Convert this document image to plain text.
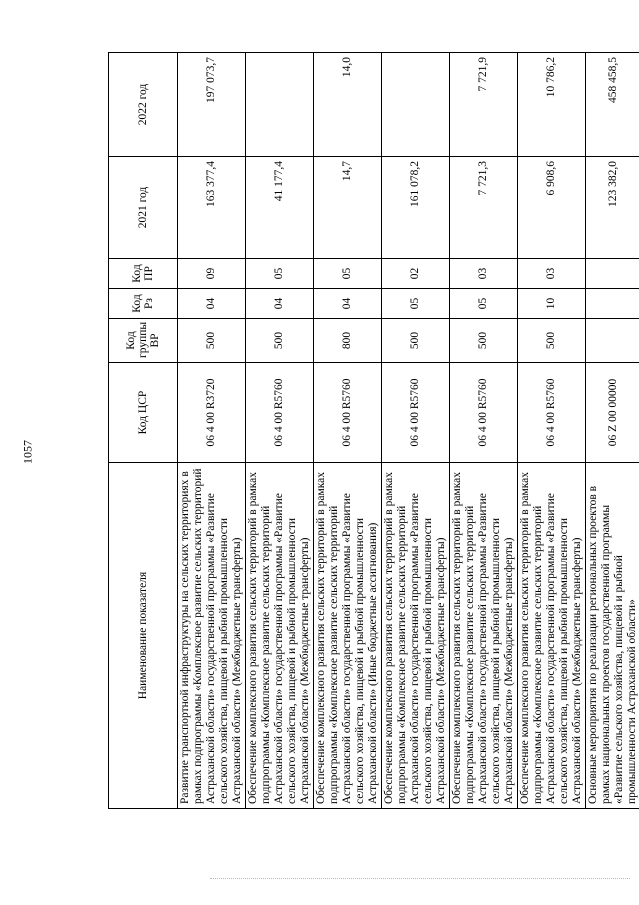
1057
Наименование показателя	Код ЦСР	Код группы ВР	Код Рз	Код ПР	2021 год	2022 год
Развитие транспортной инфраструктуры на сельских территориях в рамках подпрограммы «Комплексное развитие сельских территорий Астраханской области» государственной программы «Развитие сельского хозяйства, пищевой и рыбной промышленности Астраханской области» (Межбюджетные трансферты)	06 4 00 R3720	500	04	09	163 377,4	197 073,7
Обеспечение комплексного развития сельских территорий в рамках подпрограммы «Комплексное развитие сельских территорий Астраханской области» государственной программы «Развитие сельского хозяйства, пищевой и рыбной промышленности Астраханской области» (Межбюджетные трансферты)	06 4 00 R5760	500	04	05	41 177,4	
Обеспечение комплексного развития сельских территорий в рамках подпрограммы «Комплексное развитие сельских территорий Астраханской области» государственной программы «Развитие сельского хозяйства, пищевой и рыбной промышленности Астраханской области» (Иные бюджетные ассигнования)	06 4 00 R5760	800	04	05	14,7	14,0
Обеспечение комплексного развития сельских территорий в рамках подпрограммы «Комплексное развитие сельских территорий Астраханской области» государственной программы «Развитие сельского хозяйства, пищевой и рыбной промышленности Астраханской области» (Межбюджетные трансферты)	06 4 00 R5760	500	05	02	161 078,2	
Обеспечение комплексного развития сельских территорий в рамках подпрограммы «Комплексное развитие сельских территорий Астраханской области» государственной программы «Развитие сельского хозяйства, пищевой и рыбной промышленности Астраханской области» (Межбюджетные трансферты)	06 4 00 R5760	500	05	03	7 721,3	7 721,9
Обеспечение комплексного развития сельских территорий в рамках подпрограммы «Комплексное развитие сельских территорий Астраханской области» государственной программы «Развитие сельского хозяйства, пищевой и рыбной промышленности Астраханской области» (Межбюджетные трансферты)	06 4 00 R5760	500	10	03	6 908,6	10 786,2
Основные мероприятия по реализации региональных проектов в рамках национальных проектов государственной программы «Развитие сельского хозяйства, пищевой и рыбной промышленности Астраханской области»	06 Z 00 00000				123 382,0	458 458,5
